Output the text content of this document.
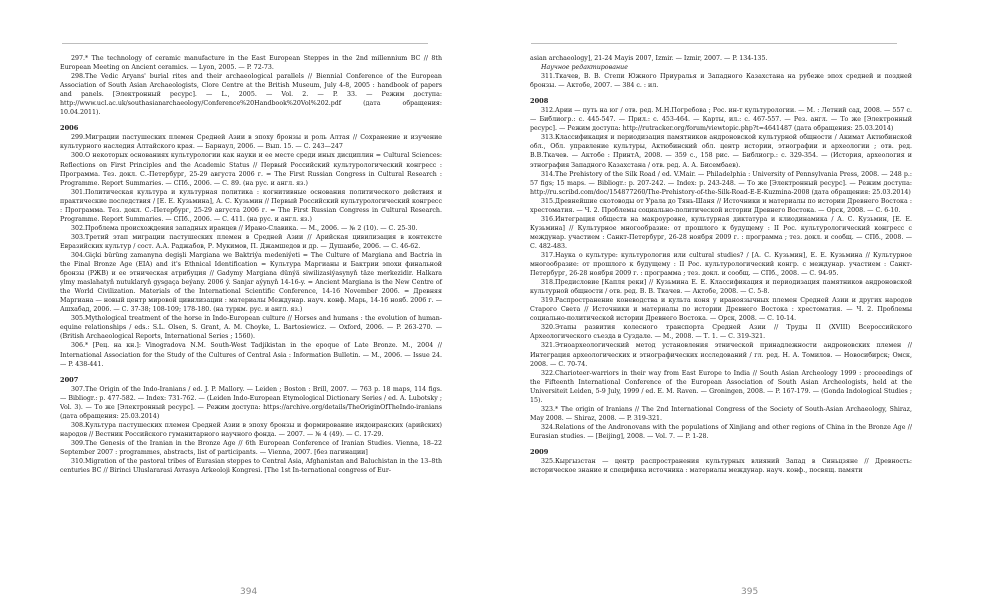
297.* The technology of ceramic manufacture in the East European Steppes in the 2nd millennium BC // 8th European Meeting on Ancient ceramics. — Lyon, 2005. — P. 72-73.

298.The Vedic Aryans' burial rites and their archaeological parallels // Biennial Conference of the European Association of South Asian Archaeologists, Clore Centre at the British Museum, July 4-8, 2005 : handbook of papers and panels. [Электронный ресурс]. — L., 2005. — Vol. 2. — P. 33. — Режим доступа: http://www.ucl.ac.uk/southasianarchaeology/Conference%20Handbook%20Vol%202.pdf (дата обращения: 10.04.2011).

2006

299.Миграции пастушеских племен Средней Азии в эпоху бронзы и роль Алтая // Сохранение и изучение культурного наследия Алтайского края. — Барнаул, 2006. — Вып. 15. — С. 243—247

300.О некоторых основаниях культурологии как науки и ее месте среди иных дисциплин = Cultural Sciences: Reflections on First Principles and the Academic Status // Первый Российский культурологический конгресс : Программа. Тез. докл. С.-Петербург, 25-29 августа 2006 г. = The First Russian Congress in Cultural Research : Programme. Report Summaries. — СПб., 2006. — С. 89. (на рус. и англ. яз.)

301.Политическая культура и культурная политика : когнитивные основания политического действия и практические последствия / [Е. Е. Кузьмина], А. С. Кузьмин // Первый Российский культурологический конгресс : Программа. Тез. докл. С.-Петербург, 25-29 августа 2006 г. = The First Russian Congress in Cultural Research. Programme. Report Summaries. — СПб., 2006. — С. 411. (на рус. и англ. яз.)

302.Проблема происхождения западных иранцев // Ирано-Славика. — М., 2006. — № 2 (10). — С. 25-30.

303.Третий этап миграции пастушеских племен в Средней Азии // Арийская цивилизация в контексте Евразийских культур / сост. А.А. Раджабов, Р. Мукимов, П. Джамшедов и др. — Душанбе, 2006. — С. 46-62.

304.Giçki bürüng zamanyna degişli Margiana we Baktriýa medeniýeti = The Culture of Margiana and Bactria in the Final Bronze Age (EIA) and it's Ethnical Identification = Культура Маргианы и Бактрии эпохи финальной бронзы (РЖВ) и ее этническая атрибуция // Gadymy Margiana dünýä siwilizasiýasynyň täze merkezidir. Halkara ylmy maslahatyň nutuklaryň gysgaça beýany. 2006 ý. Sanjar aýynyň 14-16-y. = Ancient Margiana is the New Centre of the World Civilization. Materials of the International Scientific Conference, 14-16 November 2006. = Древняя Маргиана — новый центр мировой цивилизации : материалы Междунар. науч. конф. Марь, 14-16 нояб. 2006 г. — Ашхабад, 2006. — С. 37-38; 108-109; 178-180. (на туркм. рус. и англ. яз.)

305.Mythological treatment of the horse in Indo-European culture // Horses and humans : the evolution of human-equine relationships / eds.: S.L. Olsen, S. Grant, A. M. Choyke, L. Bartosiewicz. — Oxford, 2006. — P. 263-270. — (British Archaeological Reports, International Series ; 1560).

306.* [Рец. на кн.]: Vinogradova N.M. South-West Tadjikistan in the epoque of Late Bronze. M., 2004 // International Association for the Study of the Cultures of Central Asia : Information Bulletin. — M., 2006. — Issue 24. — P. 438-441.

2007

307.The Origin of the Indo-Iranians / ed. J. P. Mallory. — Leiden ; Boston : Brill, 2007. — 763 p. 18 maps, 114 figs. — Bibliogr.: p. 477-582. — Index: 731-762. — (Leiden Indo-European Etymological Dictionary Series / ed. A. Lubotsky ; Vol. 3). — То же [Электронный ресурс]. — Режим доступа: https://archive.org/details/TheOriginOfTheIndo-iranians (дата обращения: 25.03.2014)

308.Культура пастушеских племен Средней Азии в эпоху бронзы и формирование индоиранских (арийских) народов // Вестник Российского гуманитарного научного фонда. — 2007. — № 4 (49). — С. 17-29.

309.The Genesis of the Iranian in the Bronze Age // 6th European Conference of Iranian Studies. Vienna, 18–22 September 2007 : programmes, abstracts, list of participants. — Vienna, 2007. [без пагинации]

310.Migration of the pastoral tribes of Eurasian steppes to Central Asia, Afghanistan and Baluchistan in the 13–8th centuries BC // Birinci Uluslararasi Avrasya Arkeoloji Kongresi. [The 1st In-ternational congress of Eur-

394

asian archaeology], 21-24 Mayis 2007, Izmir. — Izmir, 2007. — P. 134-135.

Научное редактирование

311.Ткачев, В. В. Степи Южного Приуралья и Западного Казахстана на рубеже эпох средней и поздней бронзы. — Актобе, 2007. — 384 с. : ил.

2008

312.Арии — путь на юг / отв. ред. М.Н.Погребова ; Рос. ин-т культурологии. — М. : Летний сад, 2008. — 557 с. — Библиогр.: с. 445-547. — Прил.: с. 453-464. — Карты, ил.: с. 467-557. — Рез. англ. — То же [Электронный ресурс]. — Режим доступа: http://rutracker.org/forum/viewtopic.php?t=4641487 (дата обращения: 25.03.2014)

313.Классификация и периодизация памятников андроновской культурной общности / Акимат Актюбинской обл., Обл. управление культуры, Актюбинский обл. центр истории, этнографии и археологии ; отв. ред. В.В.Ткачев. — Актобе : ПринтА, 2008. — 359 с., 158 рис. — Библиогр.: с. 329-354. — (История, археология и этнография Западного Казахстана / отв. ред. А. А. Бисембаев).

314.The Prehistory of the Silk Road / ed. V.Mair. — Philadelphia : University of Pennsylvania Press, 2008. — 248 p.: 57 figs; 15 maps. — Bibliogr.: p. 207-242. — Index: p. 243-248. — То же [Электронный ресурс]. — Режим доступа: http://ru.scribd.com/doc/154877260/The-Prehistory-of-the-Silk-Road-E-E-Kuzmina-2008 (дата обращения: 25.03.2014)

315.Древнейшие скотоводы от Урала до Тянь-Шаня // Источники и материалы по истории Древнего Востока : хрестоматия. — Ч. 2. Проблемы социально-политической истории Древнего Востока. — Орск, 2008. — С. 6-10.

316.Интеграция обществ на макроуровне, культурная диктатура и клиодинамика / А. С. Кузьмин, [Е. Е. Кузьмина] // Культурное многообразие: от прошлого к будущему : II Рос. культурологический конгресс с междунар. участием : Санкт-Петербург, 26-28 ноября 2009 г. : программа ; тез. докл. и сообщ. — СПб., 2008. — С. 482-483.

317.Наука о культуре: культурология или cultural studies? / [А. С. Кузьмин], Е. Е. Кузьмина // Культурное многообразие: от прошлого к будущему : II Рос. культурологический конгр. с междунар. участием : Санкт-Петербург, 26-28 ноября 2009 г. : программа ; тез. докл. и сообщ. — СПб., 2008. — С. 94-95.

318.Предисловие [Капля реки] // Кузьмина Е. Е. Классификация и периодизация памятников андроновской культурной общности / отв. ред. В. В. Ткачев. — Актобе, 2008. — С. 5-8.

319.Распространение коневодства и культа коня у ираноязычных племен Средней Азии и других народов Старого Света // Источники и материалы по истории Древнего Востока : хрестоматия. — Ч. 2. Проблемы социально-политической истории Древнего Востока. — Орск, 2008. — С. 10-14.

320.Этапы развития колесного транспорта Средней Азии // Труды II (XVIII) Всероссийского Археологического съезда в Суздале. — М., 2008. — Т. 1. — С. 319-321.

321.Этноархеологический метод установления этнической принадлежности андроновских племен // Интеграция археологических и этнографических исследований / гл. ред. Н. А. Томилов. — Новосибирск; Омск, 2008. — С. 70-74.

322.Charioteer-warriors in their way from East Europe to India // South Asian Archeology 1999 : proceedings of the Fifteenth International Conference of the European Association of South Asian Archeologists, held at the Universiteit Leiden, 5-9 July, 1999 / ed. E. M. Raven. — Groningen, 2008. — P. 167-179. — (Gonda Indological Studies ; 15).

323.* The origin of Iranians // The 2nd International Congress of the Society of South-Asian Archaeology, Shiraz, May 2008. — Shiraz, 2008. — P. 319-321.

324.Relations of the Andronovans with the populations of Xinjiang and other regions of China in the Bronze Age // Eurasian studies. — [Beijing], 2008. — Vol. 7. — P. 1-28.

2009

325.Кыргызстан — центр распространения культурных влияний Запад в Синьцзяне // Древность: историческое знание и специфика источника : материалы междунар. науч. конф., посвящ. памяти

395
